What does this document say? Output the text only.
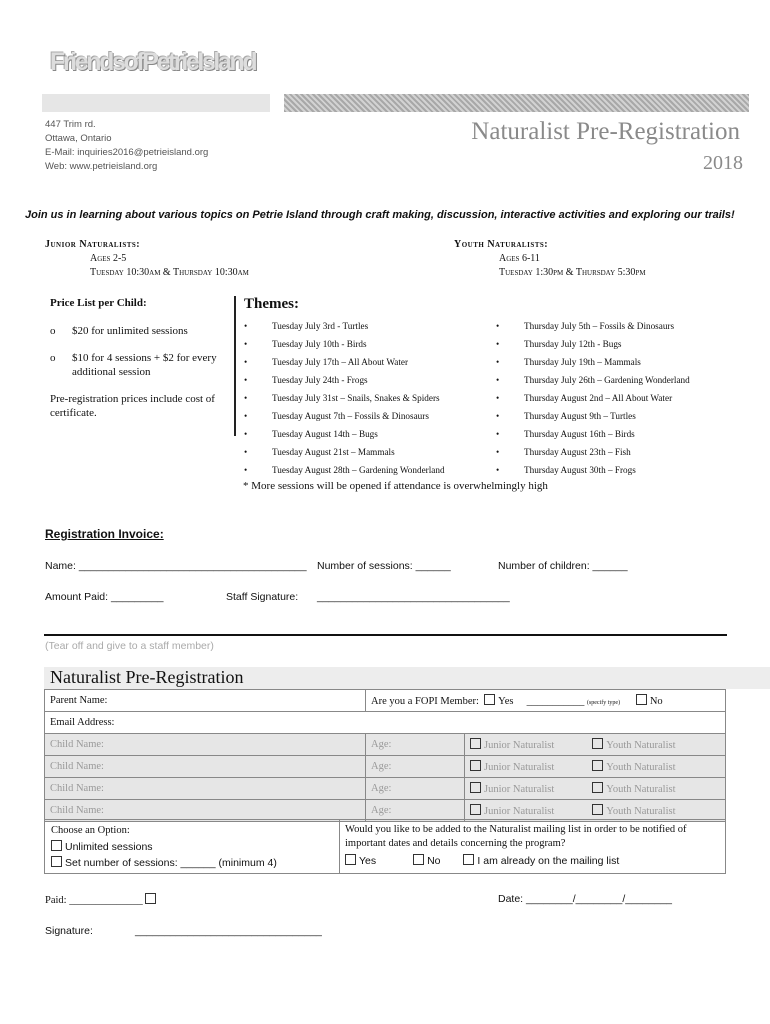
FriendsofPetrieIsland
447 Trim rd.
Ottawa, Ontario
E-Mail: inquiries2016@petrieisland.org
Web: www.petrieisland.org
Naturalist Pre-Registration
2018
Join us in learning about various topics on Petrie Island through craft making, discussion, interactive activities and exploring our trails!
Junior Naturalists:
Ages 2-5
Tuesday 10:30am & Thursday 10:30am
Youth Naturalists:
Ages 6-11
Tuesday 1:30pm & Thursday 5:30pm
Price List per Child:
o $20 for unlimited sessions
o $10 for 4 sessions + $2 for every additional session
Pre-registration prices include cost of certificate.
Themes:
•	Tuesday July 3rd - Turtles
•	Tuesday July 10th - Birds
•	Tuesday July 17th – All About Water
•	Tuesday July 24th - Frogs
•	Tuesday July 31st – Snails, Snakes & Spiders
•	Tuesday August 7th – Fossils & Dinosaurs
•	Tuesday August 14th – Bugs
•	Tuesday August 21st – Mammals
•	Tuesday August 28th – Gardening Wonderland
•	Thursday July 5th – Fossils & Dinosaurs
•	Thursday July 12th - Bugs
•	Thursday July 19th – Mammals
•	Thursday July 26th – Gardening Wonderland
•	Thursday August 2nd – All About Water
•	Thursday August 9th – Turtles
•	Thursday August 16th – Birds
•	Thursday August 23th – Fish
•	Thursday August 30th – Frogs
* More sessions will be opened if attendance is overwhelmingly high
Registration Invoice:
Name: _______________________________________ Number of sessions: ______	Number of children: ______
Amount Paid: _________	Staff Signature: _________________________________
(Tear off and give to a staff member)
Naturalist Pre-Registration
Parent Name:	Are you a FOPI Member: Yes ___________ (specify type) No	
Email Address:		
Child Name:	Age:	Junior Naturalist Youth Naturalist
Child Name:	Age:	Junior Naturalist Youth Naturalist
Child Name:	Age:	Junior Naturalist Youth Naturalist
Child Name:	Age:	Junior Naturalist Youth Naturalist
Choose an Option:
Unlimited sessions
Set number of sessions: ______ (minimum 4)
Would you like to be added to the Naturalist mailing list in order to be notified of important dates and details concerning the program?
Yes	No	I am already on the mailing list
Paid: ______________	Date: ________/________/________
Signature:	________________________________
